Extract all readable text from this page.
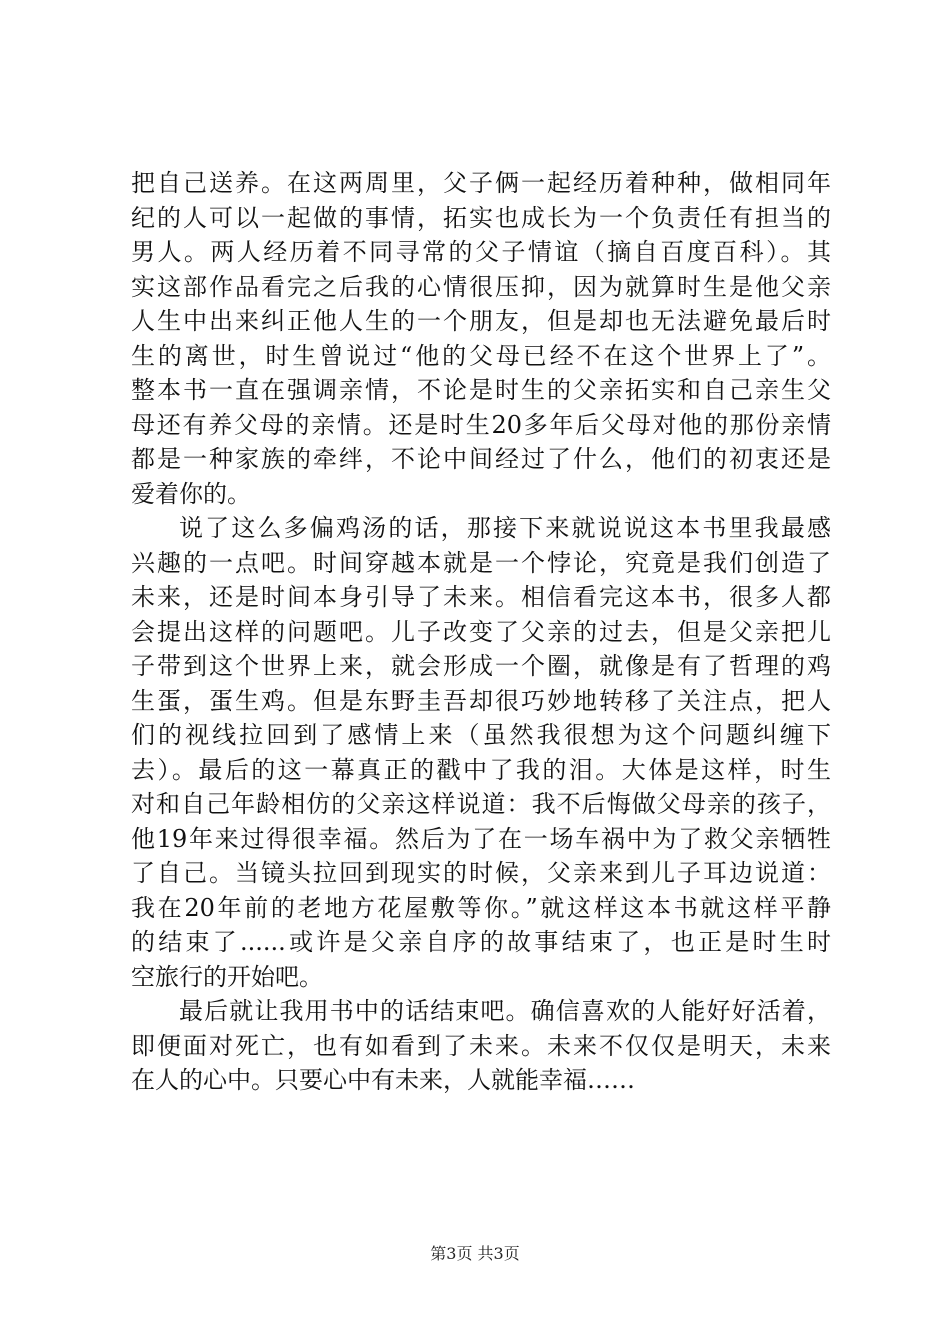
把自己送养。在这两周里，父子俩一起经历着种种，做相同年
纪的人可以一起做的事情，拓实也成长为一个负责任有担当的
男人。两人经历着不同寻常的父子情谊（摘自百度百科）。其
实这部作品看完之后我的心情很压抑，因为就算时生是他父亲
人生中出来纠正他人生的一个朋友，但是却也无法避免最后时
生的离世，时生曾说过“他的父母已经不在这个世界上了”。
整本书一直在强调亲情，不论是时生的父亲拓实和自己亲生父
母还有养父母的亲情。还是时生20多年后父母对他的那份亲情
都是一种家族的牵绊，不论中间经过了什么，他们的初衷还是
爱着你的。
说了这么多偏鸡汤的话，那接下来就说说这本书里我最感
兴趣的一点吧。时间穿越本就是一个悖论，究竟是我们创造了
未来，还是时间本身引导了未来。相信看完这本书，很多人都
会提出这样的问题吧。儿子改变了父亲的过去，但是父亲把儿
子带到这个世界上来，就会形成一个圈，就像是有了哲理的鸡
生蛋，蛋生鸡。但是东野圭吾却很巧妙地转移了关注点，把人
们的视线拉回到了感情上来（虽然我很想为这个问题纠缠下
去）。最后的这一幕真正的戳中了我的泪。大体是这样，时生
对和自己年龄相仿的父亲这样说道：我不后悔做父母亲的孩子，
他19年来过得很幸福。然后为了在一场车祸中为了救父亲牺牲
了自己。当镜头拉回到现实的时候，父亲来到儿子耳边说道：
我在20年前的老地方花屋敷等你。”就这样这本书就这样平静
的结束了......或许是父亲自序的故事结束了，也正是时生时
空旅行的开始吧。
最后就让我用书中的话结束吧。确信喜欢的人能好好活着，
即便面对死亡，也有如看到了未来。未来不仅仅是明天，未来
在人的心中。只要心中有未来，人就能幸福……
第3页 共3页
